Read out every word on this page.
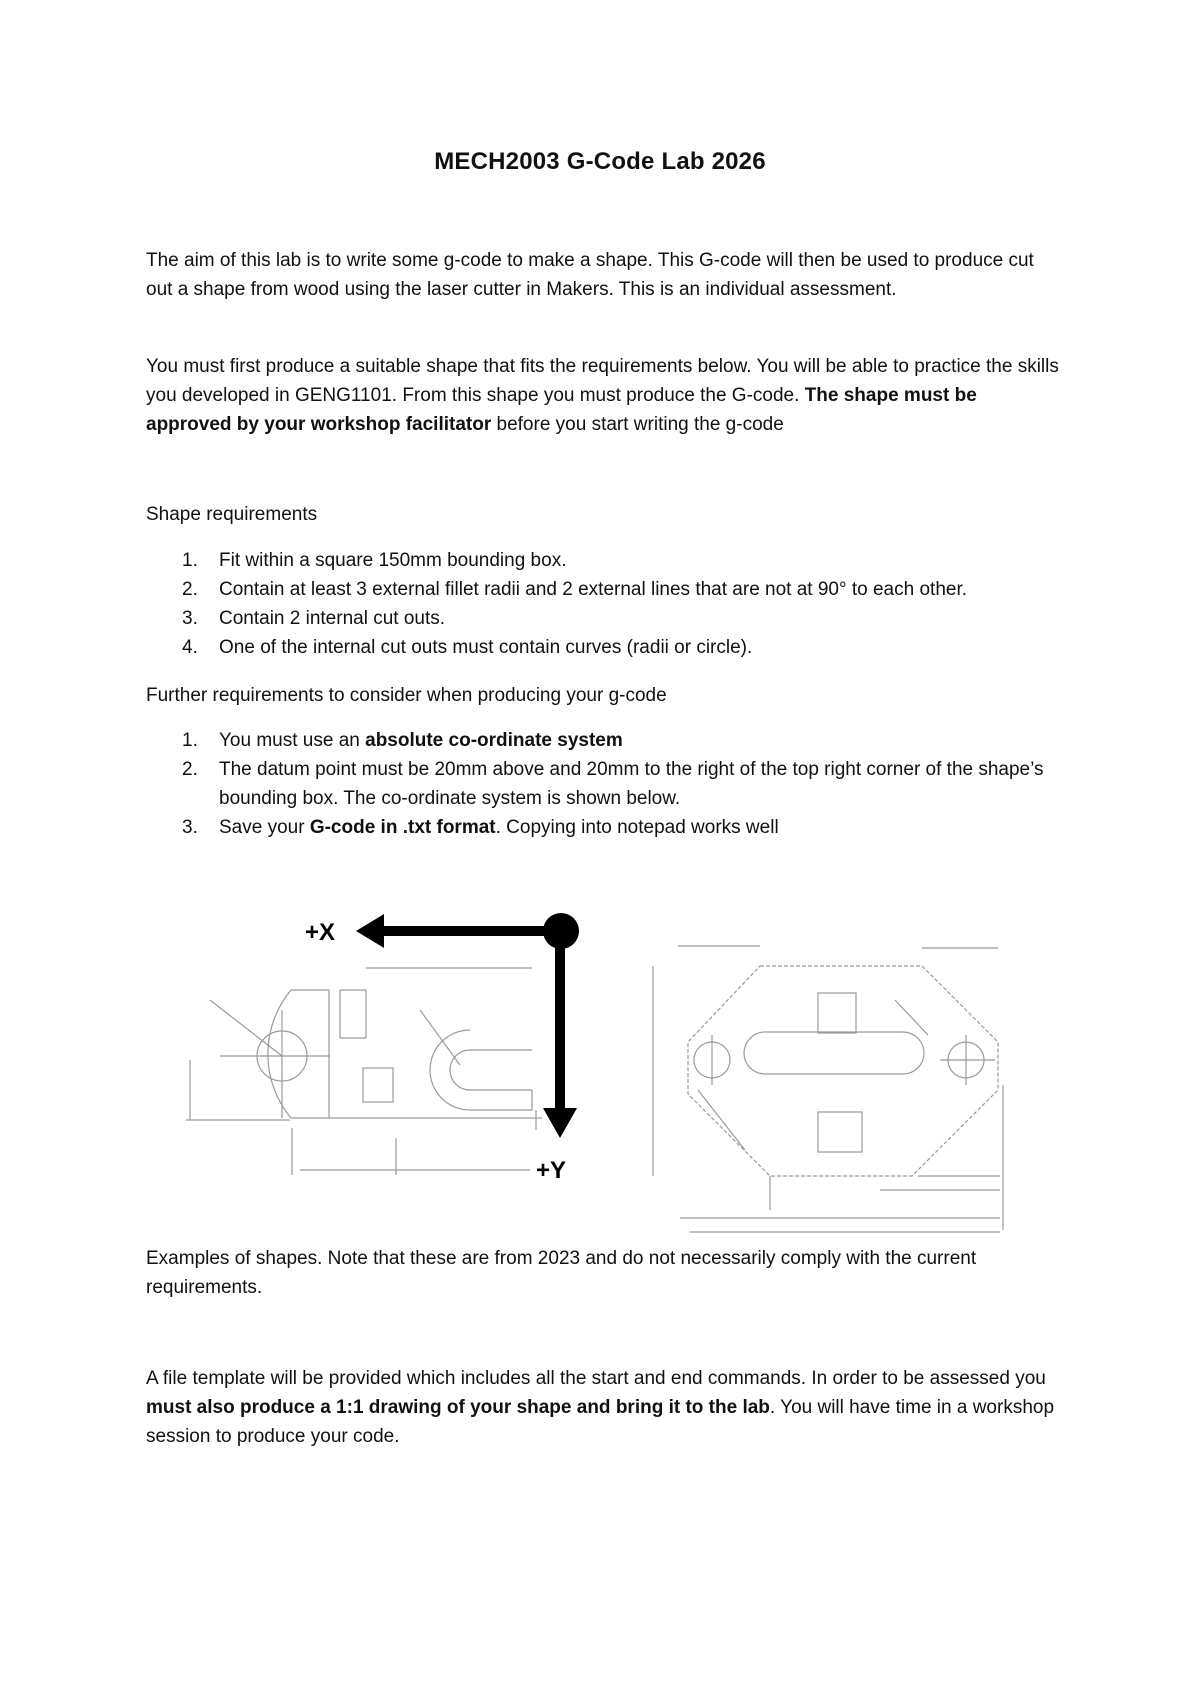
MECH2003 G-Code Lab 2026
The aim of this lab is to write some g-code to make a shape. This G-code will then be used to produce cut out a shape from wood using the laser cutter in Makers. This is an individual assessment.
You must first produce a suitable shape that fits the requirements below. You will be able to practice the skills you developed in GENG1101. From this shape you must produce the G-code. The shape must be approved by your workshop facilitator before you start writing the g-code
Shape requirements
1. Fit within a square 150mm bounding box.
2. Contain at least 3 external fillet radii and 2 external lines that are not at 90° to each other.
3. Contain 2 internal cut outs.
4. One of the internal cut outs must contain curves (radii or circle).
Further requirements to consider when producing your g-code
1. You must use an absolute co-ordinate system
2. The datum point must be 20mm above and 20mm to the right of the top right corner of the shape’s bounding box. The co-ordinate system is shown below.
3. Save your G-code in .txt format. Copying into notepad works well
+X
+Y
Examples of shapes. Note that these are from 2023 and do not necessarily comply with the current requirements.
A file template will be provided which includes all the start and end commands. In order to be assessed you must also produce a 1:1 drawing of your shape and bring it to the lab. You will have time in a workshop session to produce your code.
